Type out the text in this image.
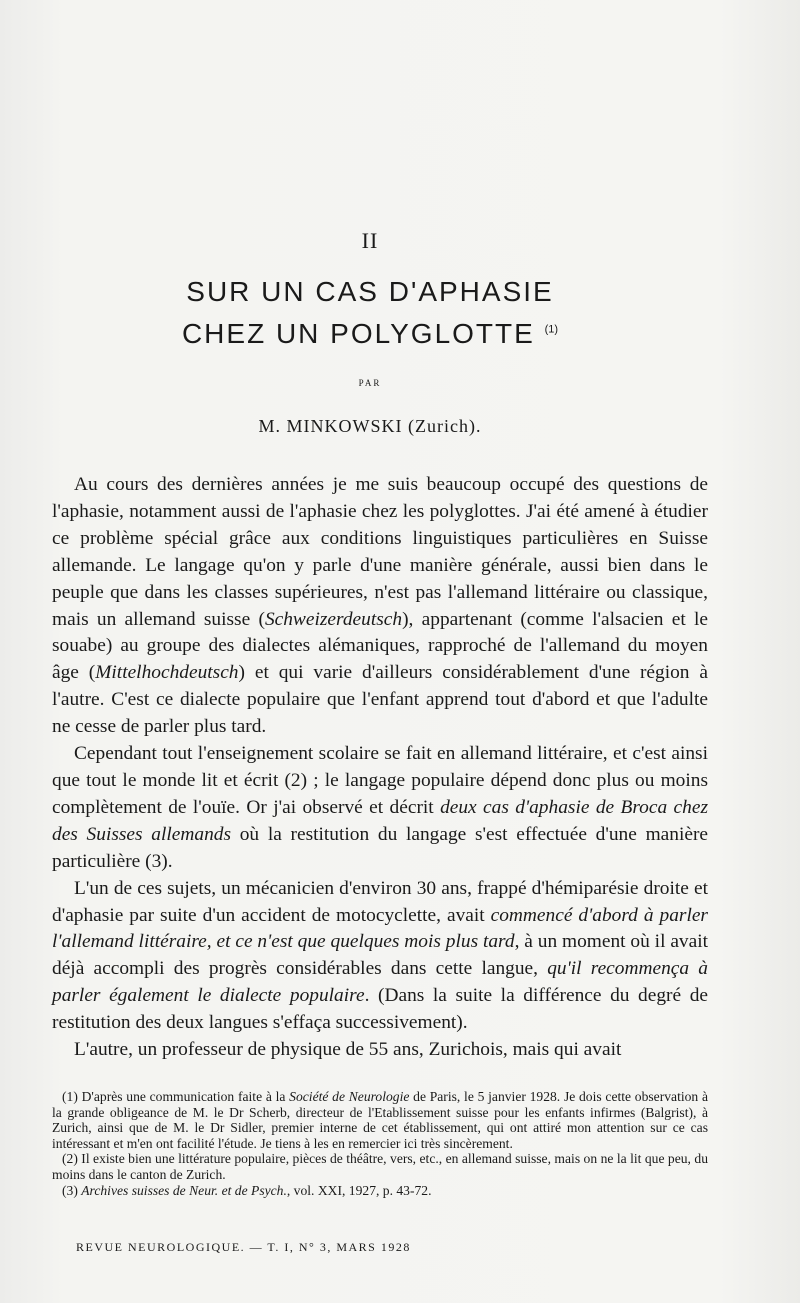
II
SUR UN CAS D'APHASIE
CHEZ UN POLYGLOTTE $^{(1)}$
PAR
M. MINKOWSKI (Zurich).

Au cours des dernières années je me suis beaucoup occupé des questions de l'aphasie, notamment aussi de l'aphasie chez les polyglottes. J'ai été amené à étudier ce problème spécial grâce aux conditions linguistiques particulières en Suisse allemande. Le langage qu'on y parle d'une manière générale, aussi bien dans le peuple que dans les classes supérieures, n'est pas l'allemand littéraire ou classique, mais un allemand suisse (Schweizerdeutsch), appartenant (comme l'alsacien et le souabe) au groupe des dialectes alémaniques, rapproché de l'allemand du moyen âge (Mittelhochdeutsch) et qui varie d'ailleurs considérablement d'une région à l'autre. C'est ce dialecte populaire que l'enfant apprend tout d'abord et que l'adulte ne cesse de parler plus tard.

Cependant tout l'enseignement scolaire se fait en allemand littéraire, et c'est ainsi que tout le monde lit et écrit (2) ; le langage populaire dépend donc plus ou moins complètement de l'ouïe. Or j'ai observé et décrit deux cas d'aphasie de Broca chez des Suisses allemands où la restitution du langage s'est effectuée d'une manière particulière (3).

L'un de ces sujets, un mécanicien d'environ 30 ans, frappé d'hémiparésie droite et d'aphasie par suite d'un accident de motocyclette, avait commencé d'abord à parler l'allemand littéraire, et ce n'est que quelques mois plus tard, à un moment où il avait déjà accompli des progrès considérables dans cette langue, qu'il recommença à parler également le dialecte populaire. (Dans la suite la différence du degré de restitution des deux langues s'effaça successivement).

L'autre, un professeur de physique de 55 ans, Zurichois, mais qui avait

(1) D'après une communication faite à la Société de Neurologie de Paris, le 5 janvier 1928. Je dois cette observation à la grande obligeance de M. le Dr Scherb, directeur de l'Etablissement suisse pour les enfants infirmes (Balgrist), à Zurich, ainsi que de M. le Dr Sidler, premier interne de cet établissement, qui ont attiré mon attention sur ce cas intéressant et m'en ont facilité l'étude. Je tiens à les en remercier ici très sincèrement.

(2) Il existe bien une littérature populaire, pièces de théâtre, vers, etc., en allemand suisse, mais on ne la lit que peu, du moins dans le canton de Zurich.

(3) Archives suisses de Neur. et de Psych., vol. XXI, 1927, p. 43-72.

REVUE NEUROLOGIQUE. — T. I, N° 3, MARS 1928
